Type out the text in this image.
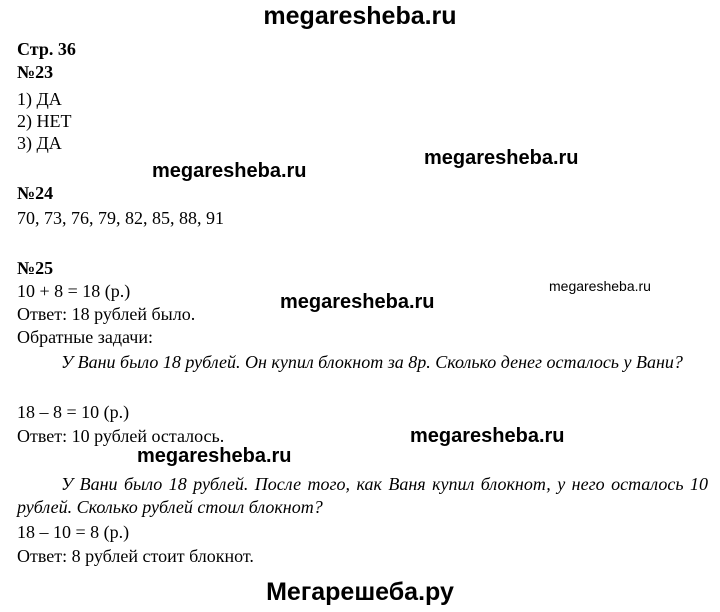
megaresheba.ru
megaresheba.ru
megaresheba.ru
megaresheba.ru
megaresheba.ru
megaresheba.ru
megaresheba.ru
Мегарешеба.ру
Стр. 36
№23
1) ДА
2) НЕТ
3) ДА
№24
70, 73, 76, 79, 82, 85, 88, 91
№25
10 + 8 = 18 (р.)
Ответ: 18 рублей было.
Обратные задачи:
У Вани было 18 рублей. Он купил блокнот за 8р. Сколько денег осталось у Вани?
18 – 8 = 10 (р.)
Ответ: 10 рублей осталось.
У Вани было 18 рублей. После того, как Ваня купил блокнот, у него осталось 10 рублей. Сколько рублей стоил блокнот?
18 – 10 = 8 (р.)
Ответ: 8 рублей стоит блокнот.
